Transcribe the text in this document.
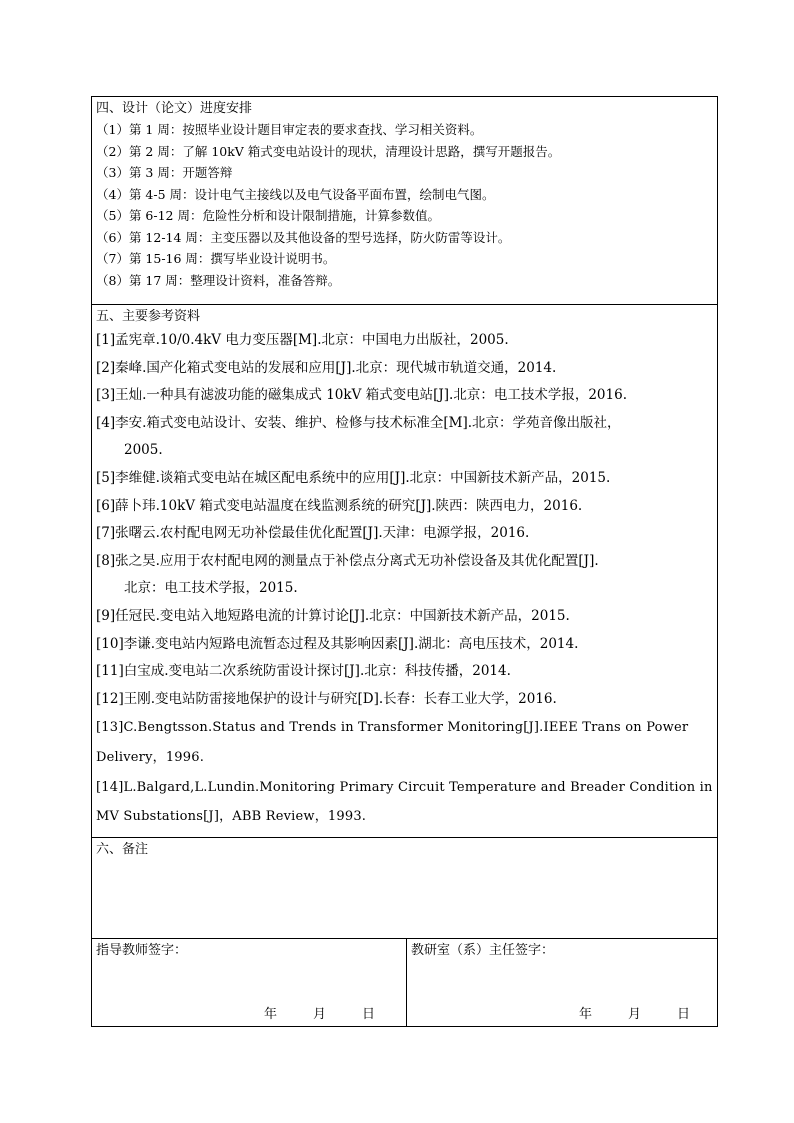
四、设计（论文）进度安排
（1）第 1 周：按照毕业设计题目审定表的要求查找、学习相关资料。
（2）第 2 周：了解 10kV 箱式变电站设计的现状，清理设计思路，撰写开题报告。
（3）第 3 周：开题答辩
（4）第 4-5 周：设计电气主接线以及电气设备平面布置，绘制电气图。
（5）第 6-12 周：危险性分析和设计限制措施，计算参数值。
（6）第 12-14 周：主变压器以及其他设备的型号选择，防火防雷等设计。
（7）第 15-16 周：撰写毕业设计说明书。
（8）第 17 周：整理设计资料，准备答辩。
五、主要参考资料
[1]孟宪章.10/0.4kV 电力变压器[M].北京：中国电力出版社，2005.
[2]秦峰.国产化箱式变电站的发展和应用[J].北京：现代城市轨道交通，2014.
[3]王灿.一种具有滤波功能的磁集成式 10kV 箱式变电站[J].北京：电工技术学报，2016.
[4]李安.箱式变电站设计、安装、维护、检修与技术标准全[M].北京：学苑音像出版社，
2005.
[5]李维健.谈箱式变电站在城区配电系统中的应用[J].北京：中国新技术新产品，2015.
[6]薛卜玮.10kV 箱式变电站温度在线监测系统的研究[J].陕西：陕西电力，2016.
[7]张曙云.农村配电网无功补偿最佳优化配置[J].天津：电源学报，2016.
[8]张之昊.应用于农村配电网的测量点于补偿点分离式无功补偿设备及其优化配置[J].
北京：电工技术学报，2015.
[9]任冠民.变电站入地短路电流的计算讨论[J].北京：中国新技术新产品，2015.
[10]李谦.变电站内短路电流暂态过程及其影响因素[J].湖北：高电压技术，2014.
[11]白宝成.变电站二次系统防雷设计探讨[J].北京：科技传播，2014.
[12]王刚.变电站防雷接地保护的设计与研究[D].长春：长春工业大学，2016.
[13]C.Bengtsson.Status and Trends in Transformer Monitoring[J].IEEE Trans on Power
Delivery，1996.
[14]L.Balgard,L.Lundin.Monitoring Primary Circuit Temperature and Breader Condition in
MV Substations[J]，ABB Review，1993.
六、备注
指导教师签字：
年	月	日
教研室（系）主任签字：
年	月	日
